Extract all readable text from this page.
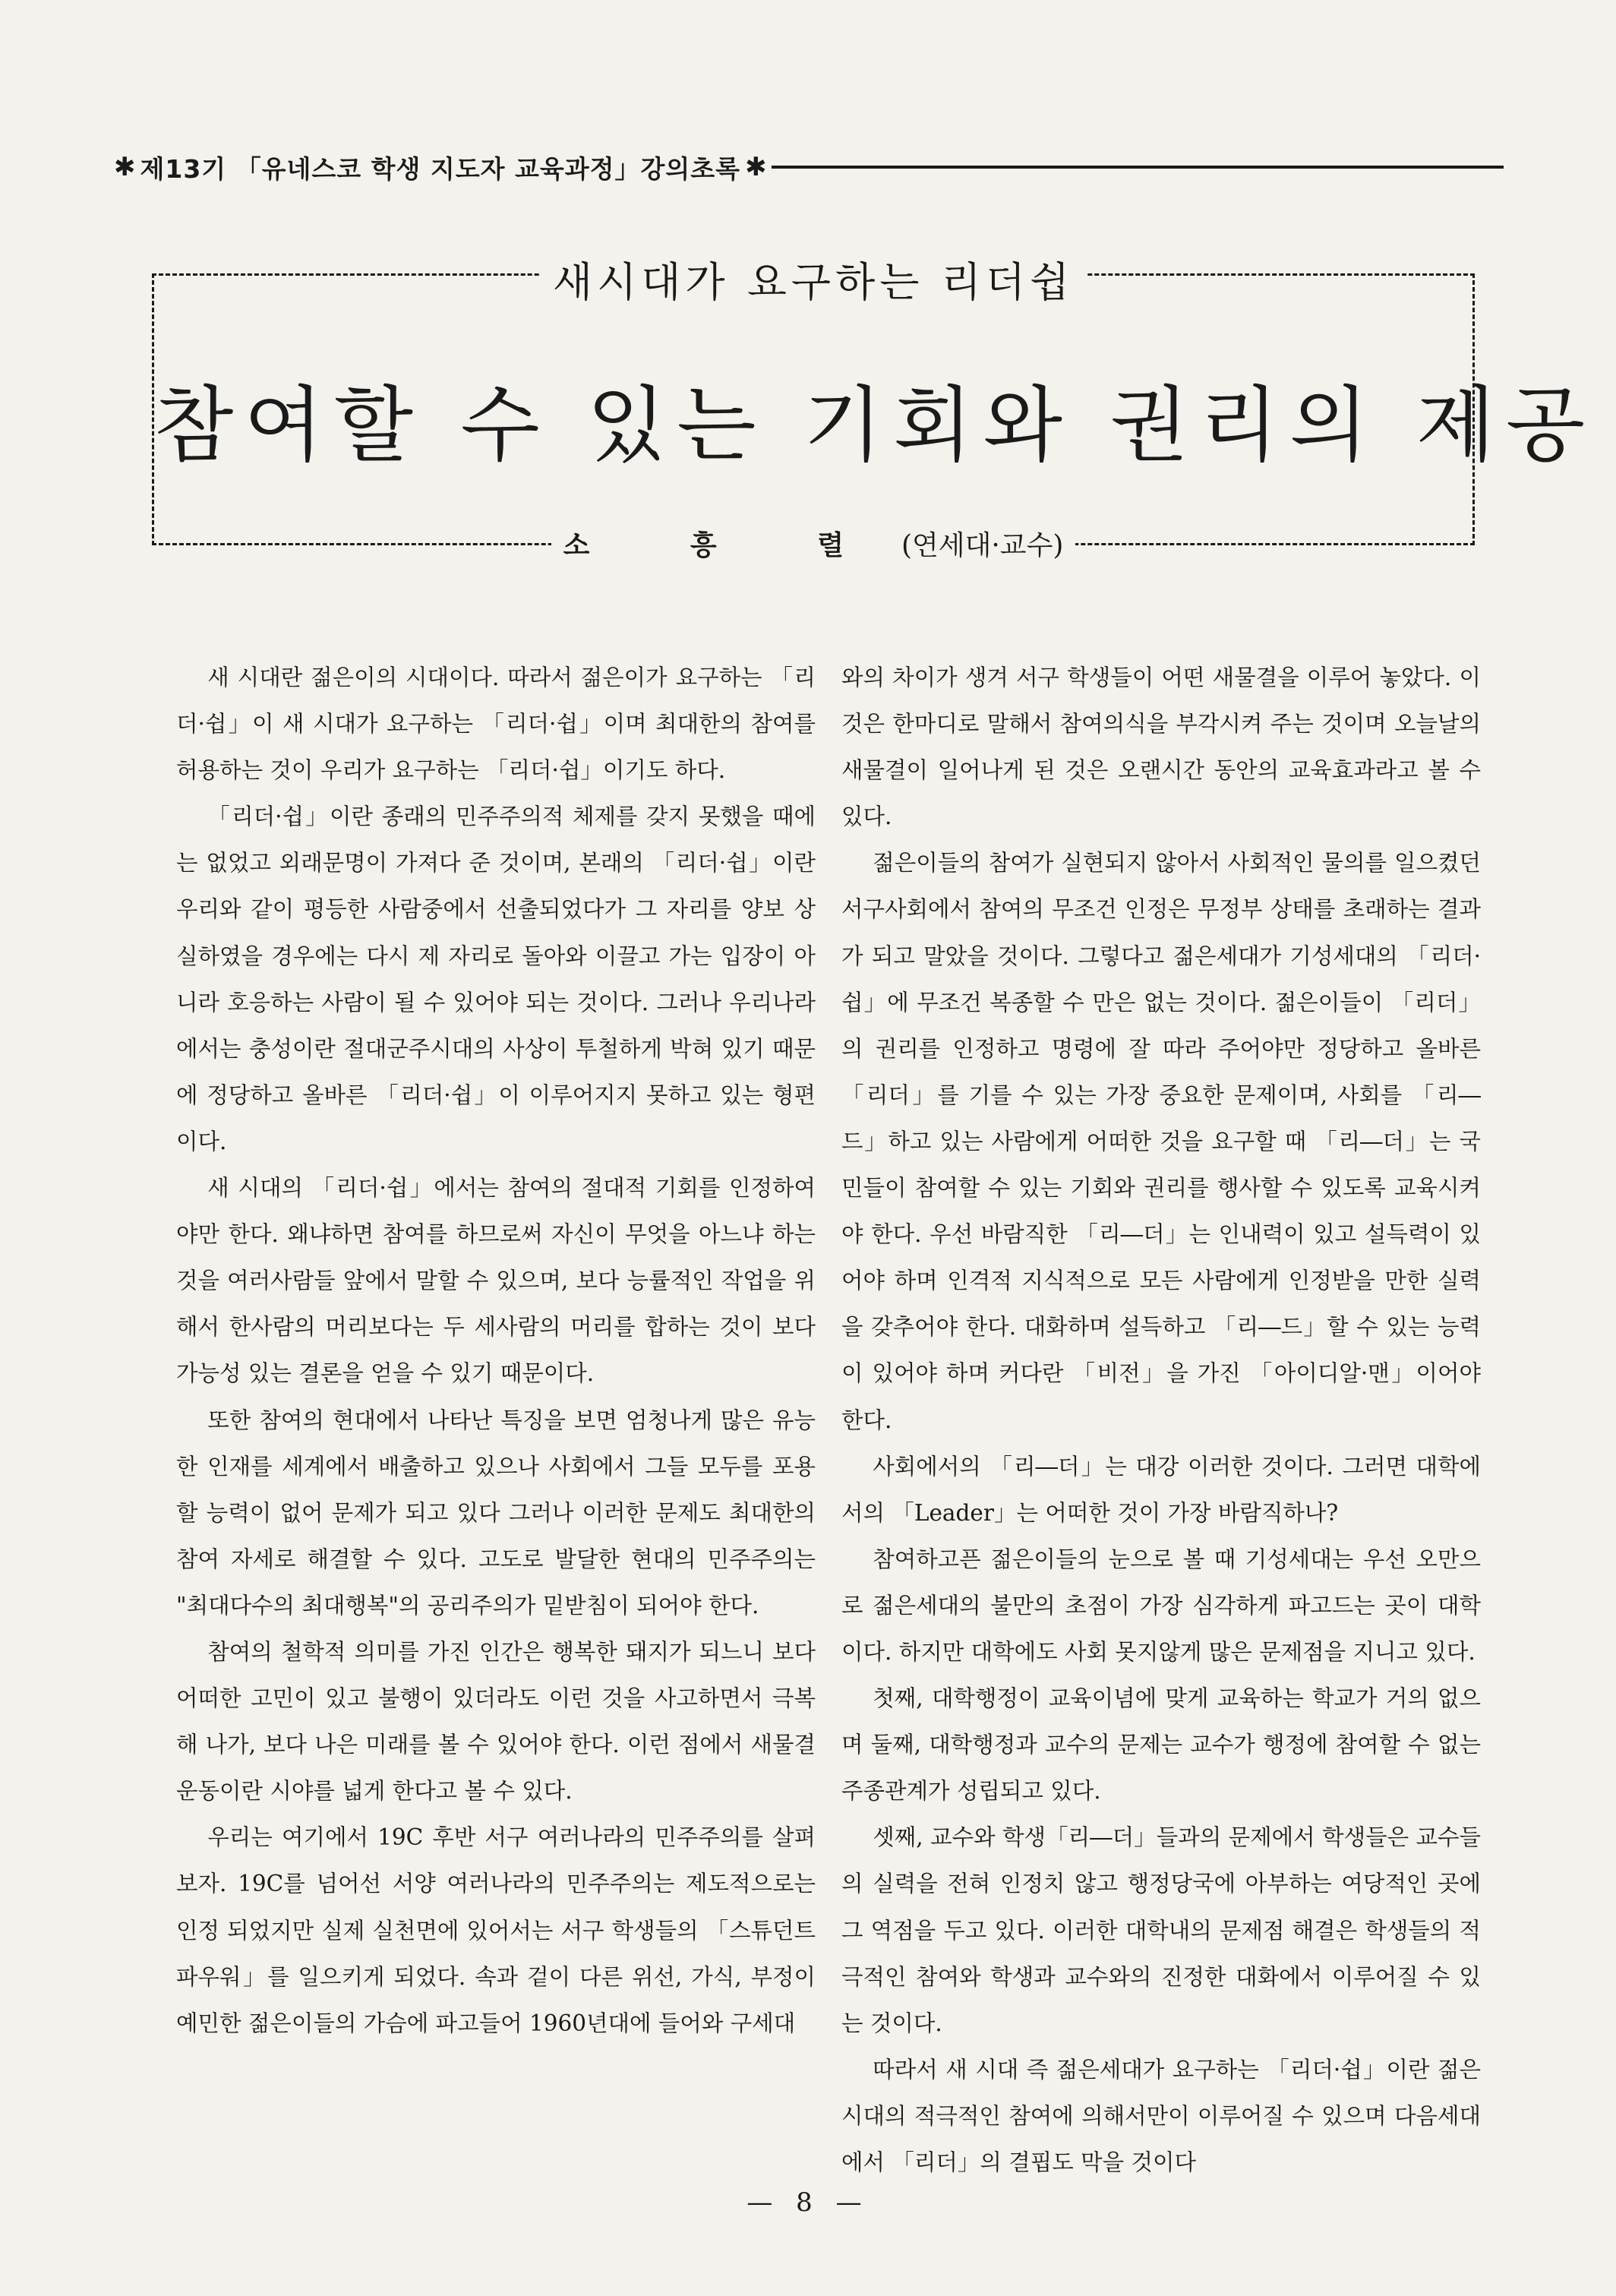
✱ 제13기 「유네스코 학생 지도자 교육과정」강의초록 ✱
새시대가 요구하는 리더쉽
참여할 수 있는 기회와 권리의 제공
소 흥 렬 (연세대·교수)

새 시대란 젊은이의 시대이다. 따라서 젊은이가 요구하는 「리더·쉽」이 새 시대가 요구하는 「리더·쉽」이며 최대한의 참여를 허용하는 것이 우리가 요구하는 「리더·쉽」이기도 하다.

「리더·쉽」이란 종래의 민주주의적 체제를 갖지 못했을 때에는 없었고 외래문명이 가져다 준 것이며, 본래의 「리더·쉽」이란 우리와 같이 평등한 사람중에서 선출되었다가 그 자리를 양보 상실하였을 경우에는 다시 제 자리로 돌아와 이끌고 가는 입장이 아니라 호응하는 사람이 될 수 있어야 되는 것이다. 그러나 우리나라에서는 충성이란 절대군주시대의 사상이 투철하게 박혀 있기 때문에 정당하고 올바른 「리더·쉽」이 이루어지지 못하고 있는 형편이다.

새 시대의 「리더·쉽」에서는 참여의 절대적 기회를 인정하여야만 한다. 왜냐하면 참여를 하므로써 자신이 무엇을 아느냐 하는 것을 여러사람들 앞에서 말할 수 있으며, 보다 능률적인 작업을 위해서 한사람의 머리보다는 두 세사람의 머리를 합하는 것이 보다 가능성 있는 결론을 얻을 수 있기 때문이다.

또한 참여의 현대에서 나타난 특징을 보면 엄청나게 많은 유능한 인재를 세계에서 배출하고 있으나 사회에서 그들 모두를 포용할 능력이 없어 문제가 되고 있다 그러나 이러한 문제도 최대한의 참여 자세로 해결할 수 있다. 고도로 발달한 현대의 민주주의는 "최대다수의 최대행복"의 공리주의가 밑받침이 되어야 한다.

참여의 철학적 의미를 가진 인간은 행복한 돼지가 되느니 보다 어떠한 고민이 있고 불행이 있더라도 이런 것을 사고하면서 극복해 나가, 보다 나은 미래를 볼 수 있어야 한다. 이런 점에서 새물결 운동이란 시야를 넓게 한다고 볼 수 있다.

우리는 여기에서 19C 후반 서구 여러나라의 민주주의를 살펴보자. 19C를 넘어선 서양 여러나라의 민주주의는 제도적으로는 인정 되었지만 실제 실천면에 있어서는 서구 학생들의 「스튜던트 파우워」를 일으키게 되었다. 속과 겉이 다른 위선, 가식, 부정이 예민한 젊은이들의 가슴에 파고들어 1960년대에 들어와 구세대

와의 차이가 생겨 서구 학생들이 어떤 새물결을 이루어 놓았다. 이것은 한마디로 말해서 참여의식을 부각시켜 주는 것이며 오늘날의 새물결이 일어나게 된 것은 오랜시간 동안의 교육효과라고 볼 수 있다.

젊은이들의 참여가 실현되지 않아서 사회적인 물의를 일으켰던 서구사회에서 참여의 무조건 인정은 무정부 상태를 초래하는 결과가 되고 말았을 것이다. 그렇다고 젊은세대가 기성세대의 「리더·쉽」에 무조건 복종할 수 만은 없는 것이다. 젊은이들이 「리더」의 권리를 인정하고 명령에 잘 따라 주어야만 정당하고 올바른 「리더」를 기를 수 있는 가장 중요한 문제이며, 사회를 「리―드」하고 있는 사람에게 어떠한 것을 요구할 때 「리―더」는 국민들이 참여할 수 있는 기회와 권리를 행사할 수 있도록 교육시켜야 한다. 우선 바람직한 「리―더」는 인내력이 있고 설득력이 있어야 하며 인격적 지식적으로 모든 사람에게 인정받을 만한 실력을 갖추어야 한다. 대화하며 설득하고 「리―드」할 수 있는 능력이 있어야 하며 커다란 「비전」을 가진 「아이디알·맨」이어야 한다.

사회에서의 「리―더」는 대강 이러한 것이다. 그러면 대학에서의 「Leader」는 어떠한 것이 가장 바람직하나?

참여하고픈 젊은이들의 눈으로 볼 때 기성세대는 우선 오만으로 젊은세대의 불만의 초점이 가장 심각하게 파고드는 곳이 대학이다. 하지만 대학에도 사회 못지않게 많은 문제점을 지니고 있다.

첫째, 대학행정이 교육이념에 맞게 교육하는 학교가 거의 없으며 둘째, 대학행정과 교수의 문제는 교수가 행정에 참여할 수 없는 주종관계가 성립되고 있다.

셋째, 교수와 학생「리―더」들과의 문제에서 학생들은 교수들의 실력을 전혀 인정치 않고 행정당국에 아부하는 여당적인 곳에 그 역점을 두고 있다. 이러한 대학내의 문제점 해결은 학생들의 적극적인 참여와 학생과 교수와의 진정한 대화에서 이루어질 수 있는 것이다.

따라서 새 시대 즉 젊은세대가 요구하는 「리더·쉽」이란 젊은 시대의 적극적인 참여에 의해서만이 이루어질 수 있으며 다음세대에서 「리더」의 결핍도 막을 것이다

— 8 —
